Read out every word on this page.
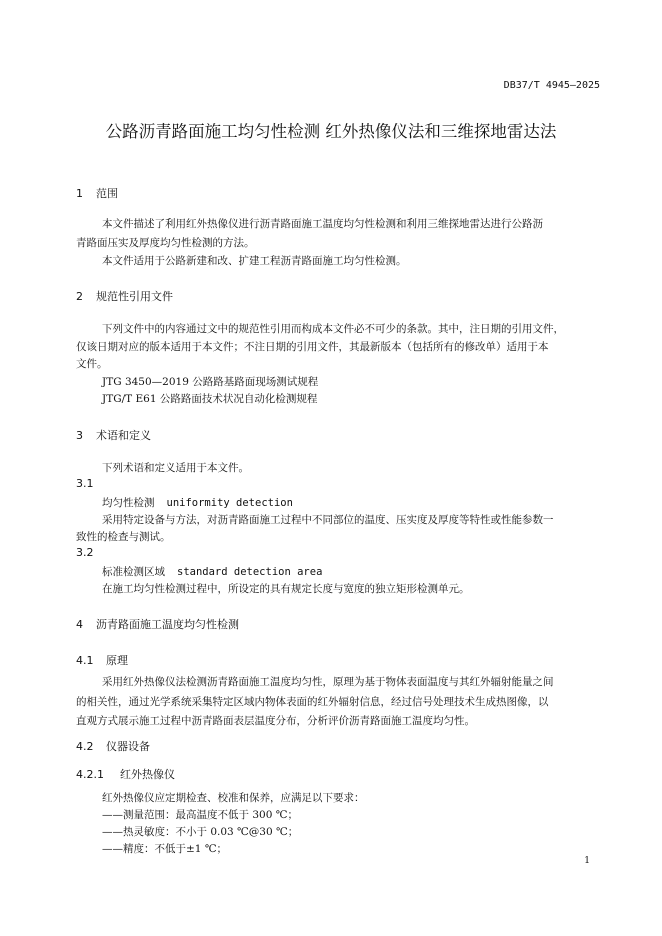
DB37/T 4945—2025
公路沥青路面施工均匀性检测 红外热像仪法和三维探地雷达法
1 范围
本文件描述了利用红外热像仪进行沥青路面施工温度均匀性检测和利用三维探地雷达进行公路沥
青路面压实及厚度均匀性检测的方法。
本文件适用于公路新建和改、扩建工程沥青路面施工均匀性检测。
2 规范性引用文件
下列文件中的内容通过文中的规范性引用而构成本文件必不可少的条款。其中，注日期的引用文件，
仅该日期对应的版本适用于本文件；不注日期的引用文件，其最新版本（包括所有的修改单）适用于本
文件。
JTG 3450—2019 公路路基路面现场测试规程
JTG/T E61 公路路面技术状况自动化检测规程
3 术语和定义
下列术语和定义适用于本文件。
3.1
均匀性检测 uniformity detection
采用特定设备与方法，对沥青路面施工过程中不同部位的温度、压实度及厚度等特性或性能参数一
致性的检查与测试。
3.2
标准检测区域 standard detection area
在施工均匀性检测过程中，所设定的具有规定长度与宽度的独立矩形检测单元。
4 沥青路面施工温度均匀性检测
4.1 原理
采用红外热像仪法检测沥青路面施工温度均匀性，原理为基于物体表面温度与其红外辐射能量之间
的相关性，通过光学系统采集特定区域内物体表面的红外辐射信息，经过信号处理技术生成热图像，以
直观方式展示施工过程中沥青路面表层温度分布，分析评价沥青路面施工温度均匀性。
4.2 仪器设备
4.2.1 红外热像仪
红外热像仪应定期检查、校准和保养，应满足以下要求：
——测量范围：最高温度不低于 300 ℃；
——热灵敏度：不小于 0.03 ℃@30 ℃；
——精度：不低于±1 ℃；
1
